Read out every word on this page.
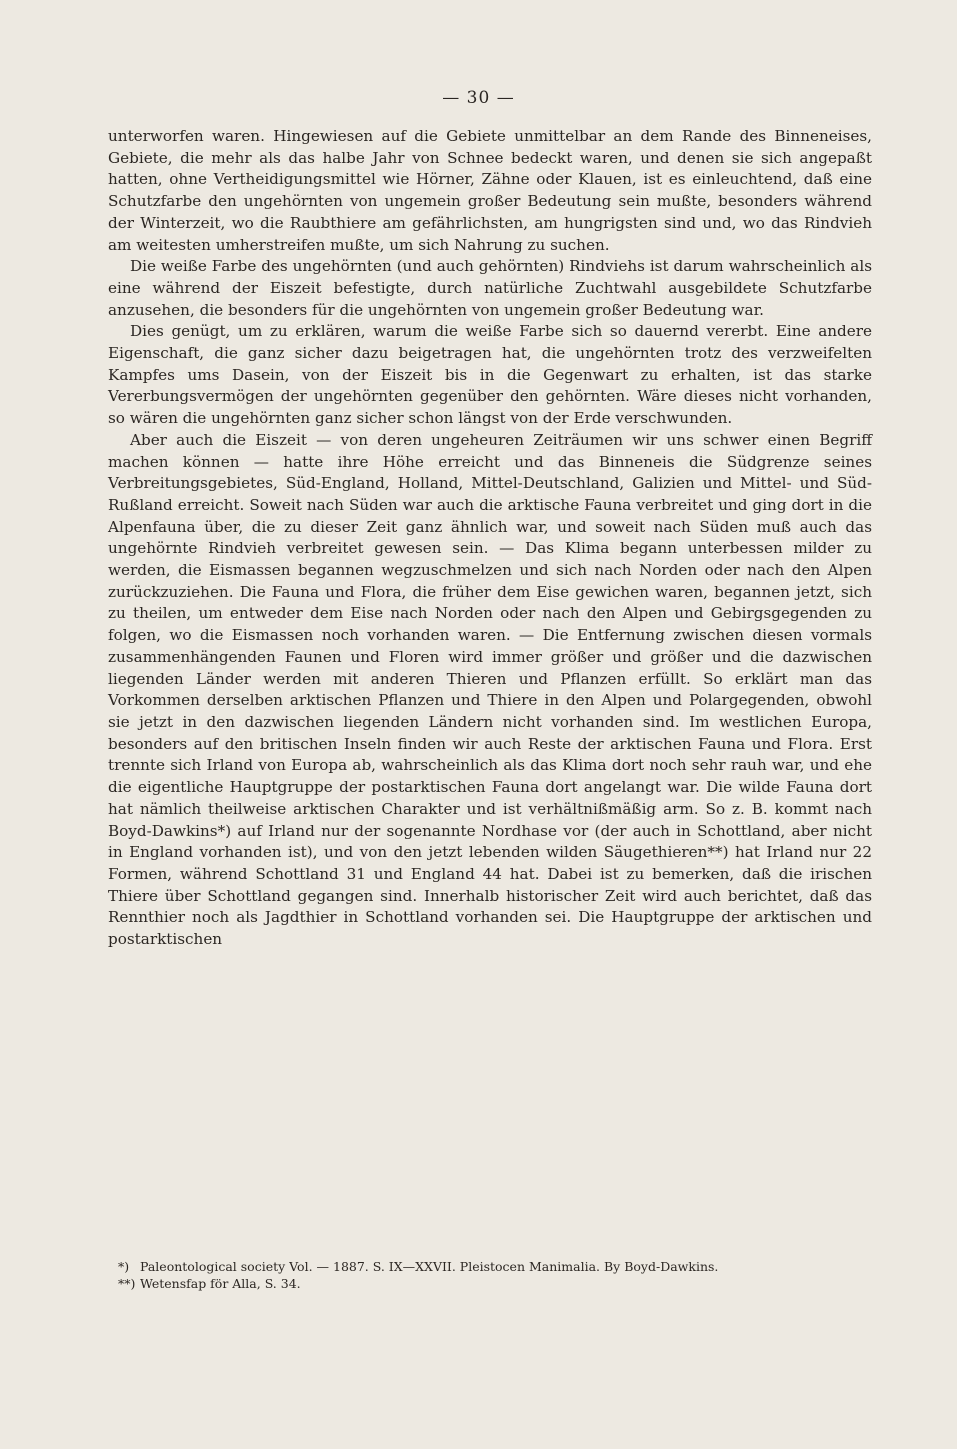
— 30 —

unterworfen waren. Hingewiesen auf die Gebiete unmittelbar an dem Rande des Binneneises, Gebiete, die mehr als das halbe Jahr von Schnee bedeckt waren, und denen sie sich angepaßt hatten, ohne Vertheidigungsmittel wie Hörner, Zähne oder Klauen, ist es einleuchtend, daß eine Schutzfarbe den ungehörnten von ungemein großer Bedeutung sein mußte, besonders während der Winterzeit, wo die Raubthiere am gefährlichsten, am hungrigsten sind und, wo das Rindvieh am weitesten umherstreifen mußte, um sich Nahrung zu suchen.

Die weiße Farbe des ungehörnten (und auch gehörnten) Rindviehs ist darum wahrscheinlich als eine während der Eiszeit befestigte, durch natürliche Zuchtwahl ausgebildete Schutzfarbe anzusehen, die besonders für die ungehörnten von ungemein großer Bedeutung war.

Dies genügt, um zu erklären, warum die weiße Farbe sich so dauernd vererbt. Eine andere Eigenschaft, die ganz sicher dazu beigetragen hat, die ungehörnten trotz des verzweifelten Kampfes ums Dasein, von der Eiszeit bis in die Gegenwart zu erhalten, ist das starke Vererbungsvermögen der ungehörnten gegenüber den gehörnten. Wäre dieses nicht vorhanden, so wären die ungehörnten ganz sicher schon längst von der Erde verschwunden.

Aber auch die Eiszeit — von deren ungeheuren Zeiträumen wir uns schwer einen Begriff machen können — hatte ihre Höhe erreicht und das Binneneis die Südgrenze seines Verbreitungsgebietes, Süd-England, Holland, Mittel-Deutschland, Galizien und Mittel- und Süd-Rußland erreicht. Soweit nach Süden war auch die arktische Fauna verbreitet und ging dort in die Alpenfauna über, die zu dieser Zeit ganz ähnlich war, und soweit nach Süden muß auch das ungehörnte Rindvieh verbreitet gewesen sein. — Das Klima begann unterbessen milder zu werden, die Eismassen begannen wegzuschmelzen und sich nach Norden oder nach den Alpen zurückzuziehen. Die Fauna und Flora, die früher dem Eise gewichen waren, begannen jetzt, sich zu theilen, um entweder dem Eise nach Norden oder nach den Alpen und Gebirgsgegenden zu folgen, wo die Eismassen noch vorhanden waren. — Die Entfernung zwischen diesen vormals zusammenhängenden Faunen und Floren wird immer größer und größer und die dazwischen liegenden Länder werden mit anderen Thieren und Pflanzen erfüllt. So erklärt man das Vorkommen derselben arktischen Pflanzen und Thiere in den Alpen und Polargegenden, obwohl sie jetzt in den dazwischen liegenden Ländern nicht vorhanden sind. Im westlichen Europa, besonders auf den britischen Inseln finden wir auch Reste der arktischen Fauna und Flora. Erst trennte sich Irland von Europa ab, wahrscheinlich als das Klima dort noch sehr rauh war, und ehe die eigentliche Hauptgruppe der postarktischen Fauna dort angelangt war. Die wilde Fauna dort hat nämlich theilweise arktischen Charakter und ist verhältnißmäßig arm. So z. B. kommt nach Boyd-Dawkins*) auf Irland nur der sogenannte Nordhase vor (der auch in Schottland, aber nicht in England vorhanden ist), und von den jetzt lebenden wilden Säugethieren**) hat Irland nur 22 Formen, während Schottland 31 und England 44 hat. Dabei ist zu bemerken, daß die irischen Thiere über Schottland gegangen sind. Innerhalb historischer Zeit wird auch berichtet, daß das Rennthier noch als Jagdthier in Schottland vorhanden sei. Die Hauptgruppe der arktischen und postarktischen

*) Paleontological society Vol. — 1887. S. IX—XXVII. Pleistocen Manimalia. By Boyd-Dawkins.
**) Wetensfap för Alla, S. 34.
